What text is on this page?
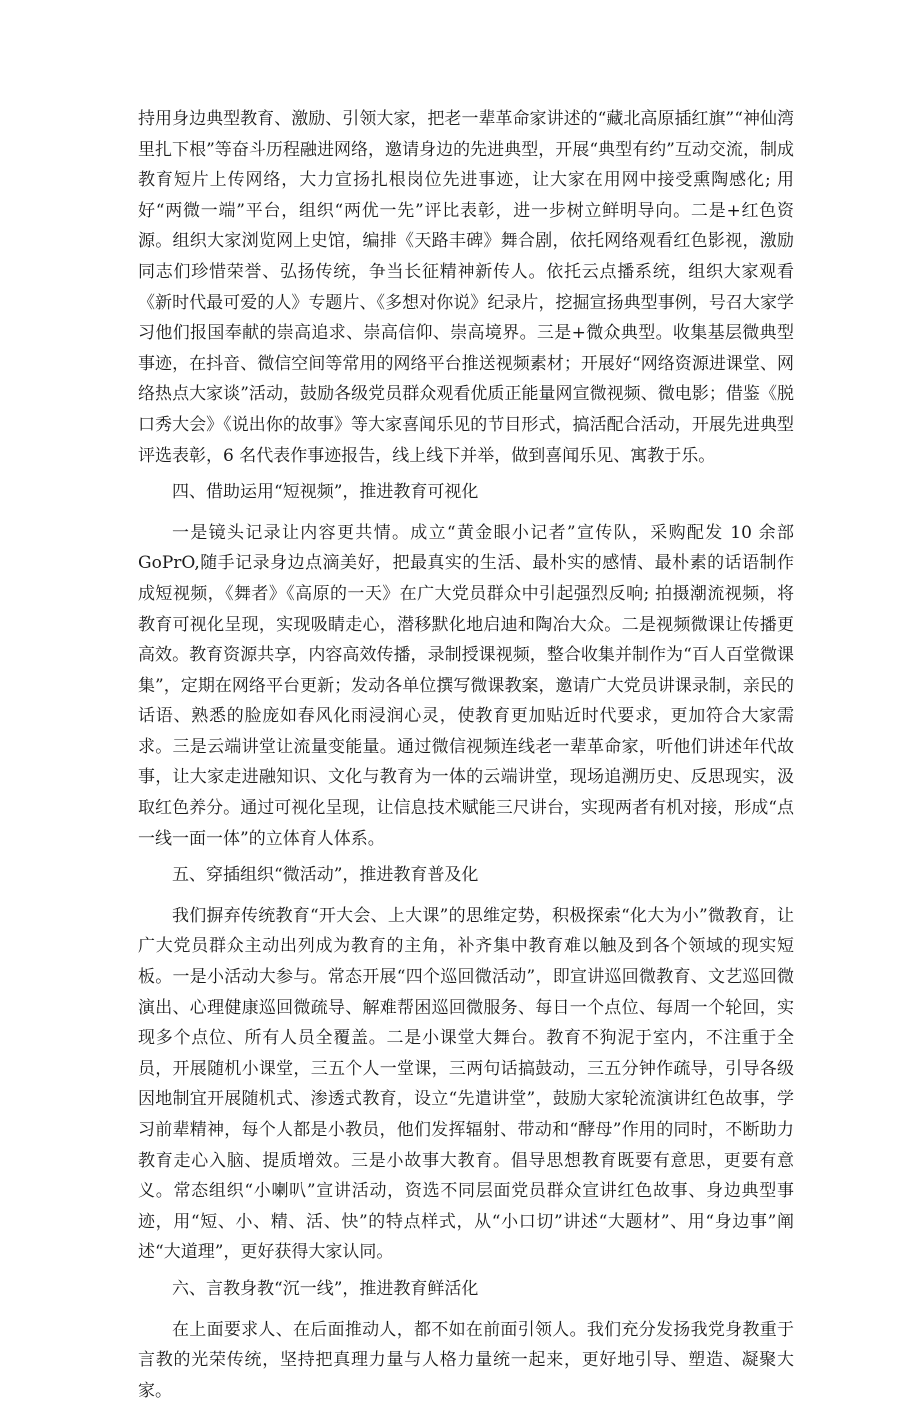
持用身边典型教育、激励、引领大家，把老一辈革命家讲述的“藏北高原插红旗”“神仙湾里扎下根”等奋斗历程融进网络，邀请身边的先进典型，开展“典型有约”互动交流，制成教育短片上传网络，大力宣扬扎根岗位先进事迹，让大家在用网中接受熏陶感化; 用好“两微一端”平台，组织“两优一先”评比表彰，进一步树立鲜明导向。二是+红色资源。组织大家浏览网上史馆，编排《天路丰碑》舞合剧，依托网络观看红色影视，激励同志们珍惜荣誉、弘扬传统，争当长征精神新传人。依托云点播系统，组织大家观看《新时代最可爱的人》专题片、《多想对你说》纪录片，挖掘宣扬典型事例，号召大家学习他们报国奉献的崇高追求、崇高信仰、崇高境界。三是+微众典型。收集基层微典型事迹，在抖音、微信空间等常用的网络平台推送视频素材；开展好“网络资源进课堂、网络热点大家谈”活动，鼓励各级党员群众观看优质正能量网宣微视频、微电影；借鉴《脱口秀大会》《说出你的故事》等大家喜闻乐见的节目形式，搞活配合活动，开展先进典型评选表彰，6 名代表作事迹报告，线上线下并举，做到喜闻乐见、寓教于乐。

四、借助运用“短视频”，推进教育可视化

一是镜头记录让内容更共情。成立“黄金眼小记者”宣传队，采购配发 10 余部 GoPrO,随手记录身边点滴美好，把最真实的生活、最朴实的感情、最朴素的话语制作成短视频，《舞者》《高原的一天》在广大党员群众中引起强烈反响; 拍摄潮流视频，将教育可视化呈现，实现吸睛走心，潜移默化地启迪和陶冶大众。二是视频微课让传播更高效。教育资源共享，内容高效传播，录制授课视频，整合收集并制作为“百人百堂微课集”，定期在网络平台更新；发动各单位撰写微课教案，邀请广大党员讲课录制，亲民的话语、熟悉的脸庞如春风化雨浸润心灵，使教育更加贴近时代要求，更加符合大家需求。三是云端讲堂让流量变能量。通过微信视频连线老一辈革命家，听他们讲述年代故事，让大家走进融知识、文化与教育为一体的云端讲堂，现场追溯历史、反思现实，汲取红色养分。通过可视化呈现，让信息技术赋能三尺讲台，实现两者有机对接，形成“点一线一面一体”的立体育人体系。

五、穿插组织“微活动”，推进教育普及化

我们摒弃传统教育“开大会、上大课”的思维定势，积极探索“化大为小”微教育，让广大党员群众主动出列成为教育的主角，补齐集中教育难以触及到各个领域的现实短板。一是小活动大参与。常态开展“四个巡回微活动”，即宣讲巡回微教育、文艺巡回微演出、心理健康巡回微疏导、解难帮困巡回微服务、每日一个点位、每周一个轮回，实现多个点位、所有人员全覆盖。二是小课堂大舞台。教育不狗泥于室内，不注重于全员，开展随机小课堂，三五个人一堂课，三两句话搞鼓动，三五分钟作疏导，引导各级因地制宜开展随机式、渗透式教育，设立“先遣讲堂”，鼓励大家轮流演讲红色故事，学习前辈精神，每个人都是小教员，他们发挥辐射、带动和“酵母”作用的同时，不断助力教育走心入脑、提质增效。三是小故事大教育。倡导思想教育既要有意思，更要有意义。常态组织“小喇叭”宣讲活动，资选不同层面党员群众宣讲红色故事、身边典型事迹，用“短、小、精、活、快”的特点样式，从“小口切”讲述“大题材”、用“身边事”阐述“大道理”，更好获得大家认同。

六、言教身教“沉一线”，推进教育鲜活化

在上面要求人、在后面推动人，都不如在前面引领人。我们充分发扬我党身教重于言教的光荣传统，坚持把真理力量与人格力量统一起来，更好地引导、塑造、凝聚大家。
